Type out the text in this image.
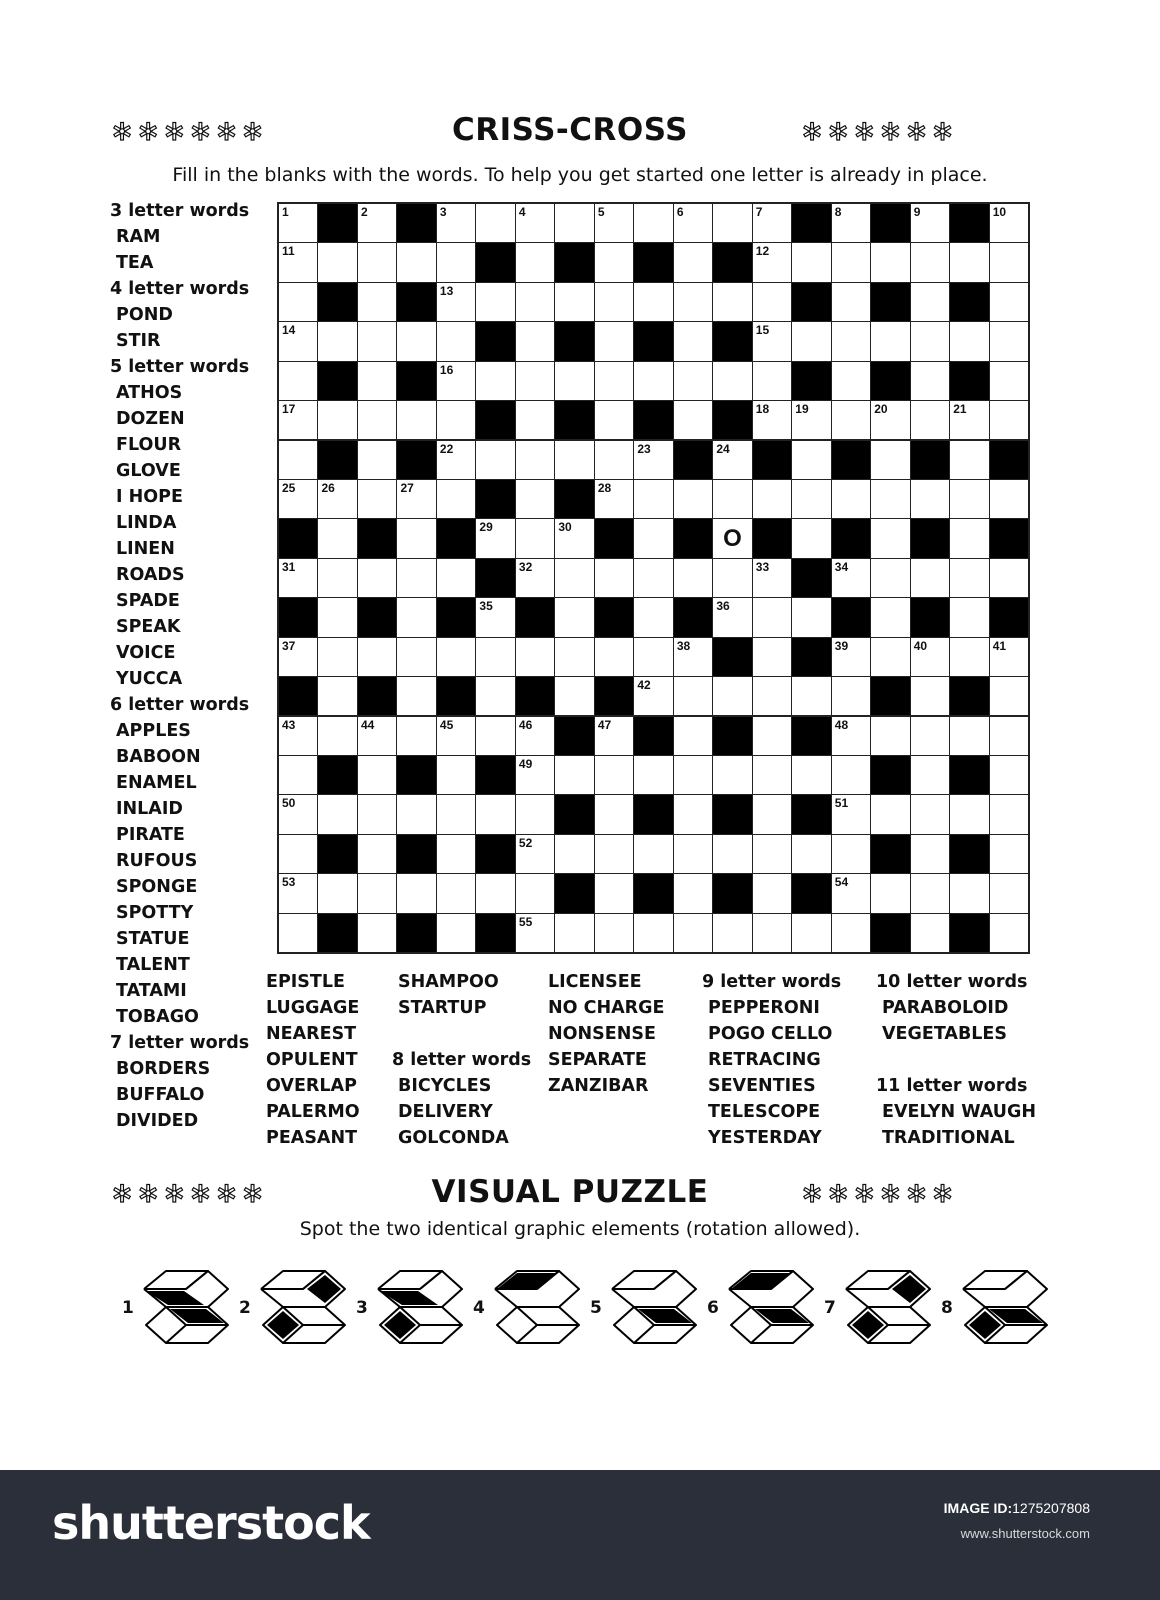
✲✲✲✲✲✲	CRISS-CROSS	✲✲✲✲✲✲
Fill in the blanks with the words. To help you get started one letter is already in place.
1	2	3	4	5	6	7	8	9	10
11	12
13
14	15
16
17	18 19	20	21
22	23	24
25 26	27	28
29	30	O
31	32	33	34
35	36
37	38	39	40	41
42
43	44	45	46	47	48
49
50	51
52
53	54
55
3 letter words
RAM
TEA
4 letter words
POND
STIR
5 letter words
ATHOS
DOZEN
FLOUR
GLOVE
I HOPE
LINDA
LINEN
ROADS
SPADE
SPEAK
VOICE
YUCCA
6 letter words
APPLES
BABOON
ENAMEL
INLAID
PIRATE
RUFOUS
SPONGE
SPOTTY
STATUE
TALENT
TATAMI
TOBAGO
7 letter words
BORDERS
BUFFALO
DIVIDED
EPISTLE
LUGGAGE
NEAREST
OPULENT
OVERLAP
PALERMO
PEASANT
SHAMPOO
STARTUP
8 letter words
BICYCLES
DELIVERY
GOLCONDA
LICENSEE
NO CHARGE
NONSENSE
SEPARATE
ZANZIBAR
9 letter words
PEPPERONI
POGO CELLO
RETRACING
SEVENTIES
TELESCOPE
YESTERDAY
10 letter words
PARABOLOID
VEGETABLES
11 letter words
EVELYN WAUGH
TRADITIONAL
✲✲✲✲✲✲	VISUAL PUZZLE	✲✲✲✲✲✲
Spot the two identical graphic elements (rotation allowed).
1	2	3	4	5	6	7	8
shutterstock	IMAGE ID:1275207808
www.shutterstock.com
